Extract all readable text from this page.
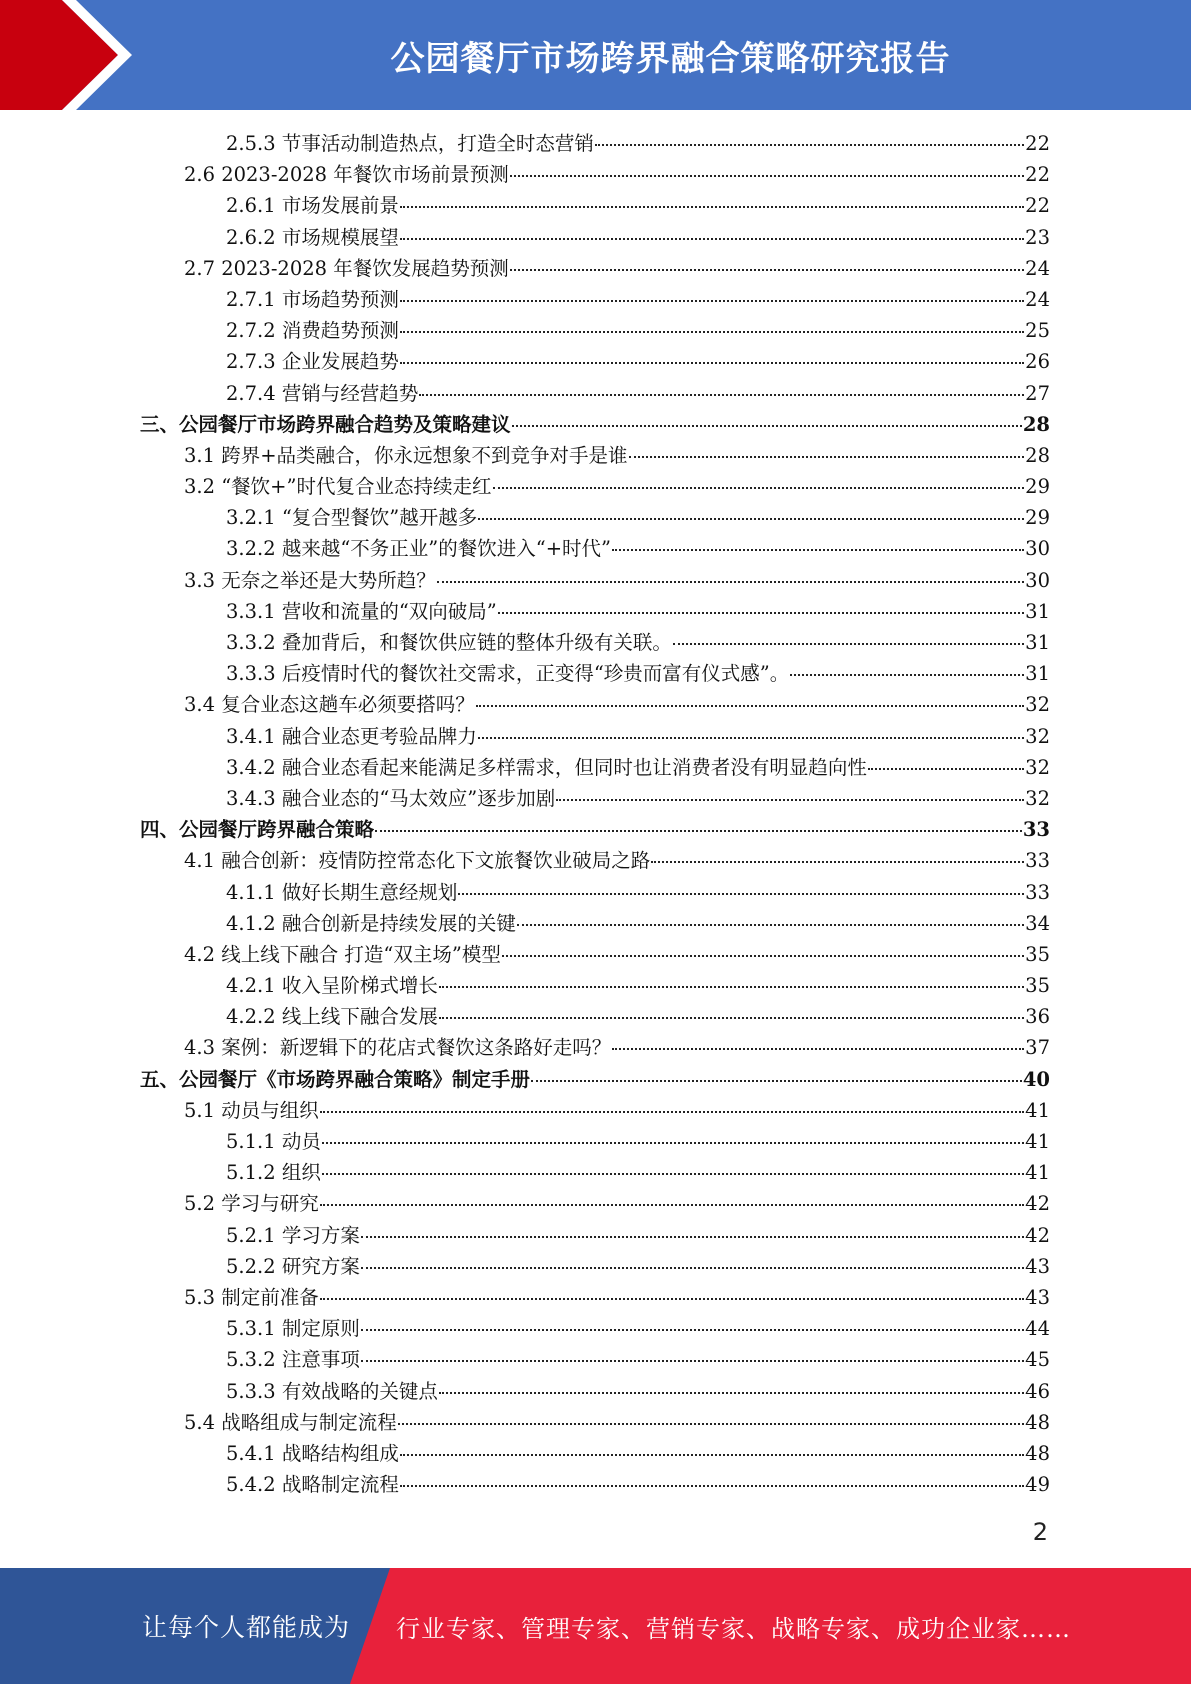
公园餐厅市场跨界融合策略研究报告
2.5.3 节事活动制造热点，打造全时态营销	22
2.6 2023-2028 年餐饮市场前景预测	22
2.6.1 市场发展前景	22
2.6.2 市场规模展望	23
2.7 2023-2028 年餐饮发展趋势预测	24
2.7.1 市场趋势预测	24
2.7.2 消费趋势预测	25
2.7.3 企业发展趋势	26
2.7.4 营销与经营趋势	27
三、公园餐厅市场跨界融合趋势及策略建议	28
3.1 跨界+品类融合，你永远想象不到竞争对手是谁	28
3.2 “餐饮+”时代复合业态持续走红	29
3.2.1 “复合型餐饮”越开越多	29
3.2.2 越来越“不务正业”的餐饮进入“+时代”	30
3.3 无奈之举还是大势所趋？	30
3.3.1 营收和流量的“双向破局”	31
3.3.2 叠加背后，和餐饮供应链的整体升级有关联。	31
3.3.3 后疫情时代的餐饮社交需求，正变得“珍贵而富有仪式感”。	31
3.4 复合业态这趟车必须要搭吗？	32
3.4.1 融合业态更考验品牌力	32
3.4.2 融合业态看起来能满足多样需求，但同时也让消费者没有明显趋向性	32
3.4.3 融合业态的“马太效应”逐步加剧	32
四、公园餐厅跨界融合策略	33
4.1 融合创新：疫情防控常态化下文旅餐饮业破局之路	33
4.1.1 做好长期生意经规划	33
4.1.2 融合创新是持续发展的关键	34
4.2 线上线下融合 打造“双主场”模型	35
4.2.1 收入呈阶梯式增长	35
4.2.2 线上线下融合发展	36
4.3 案例：新逻辑下的花店式餐饮这条路好走吗？	37
五、公园餐厅《市场跨界融合策略》制定手册	40
5.1 动员与组织	41
5.1.1 动员	41
5.1.2 组织	41
5.2 学习与研究	42
5.2.1 学习方案	42
5.2.2 研究方案	43
5.3 制定前准备	43
5.3.1 制定原则	44
5.3.2 注意事项	45
5.3.3 有效战略的关键点	46
5.4 战略组成与制定流程	48
5.4.1 战略结构组成	48
5.4.2 战略制定流程	49
2
让每个人都能成为 行业专家、管理专家、营销专家、战略专家、成功企业家……
